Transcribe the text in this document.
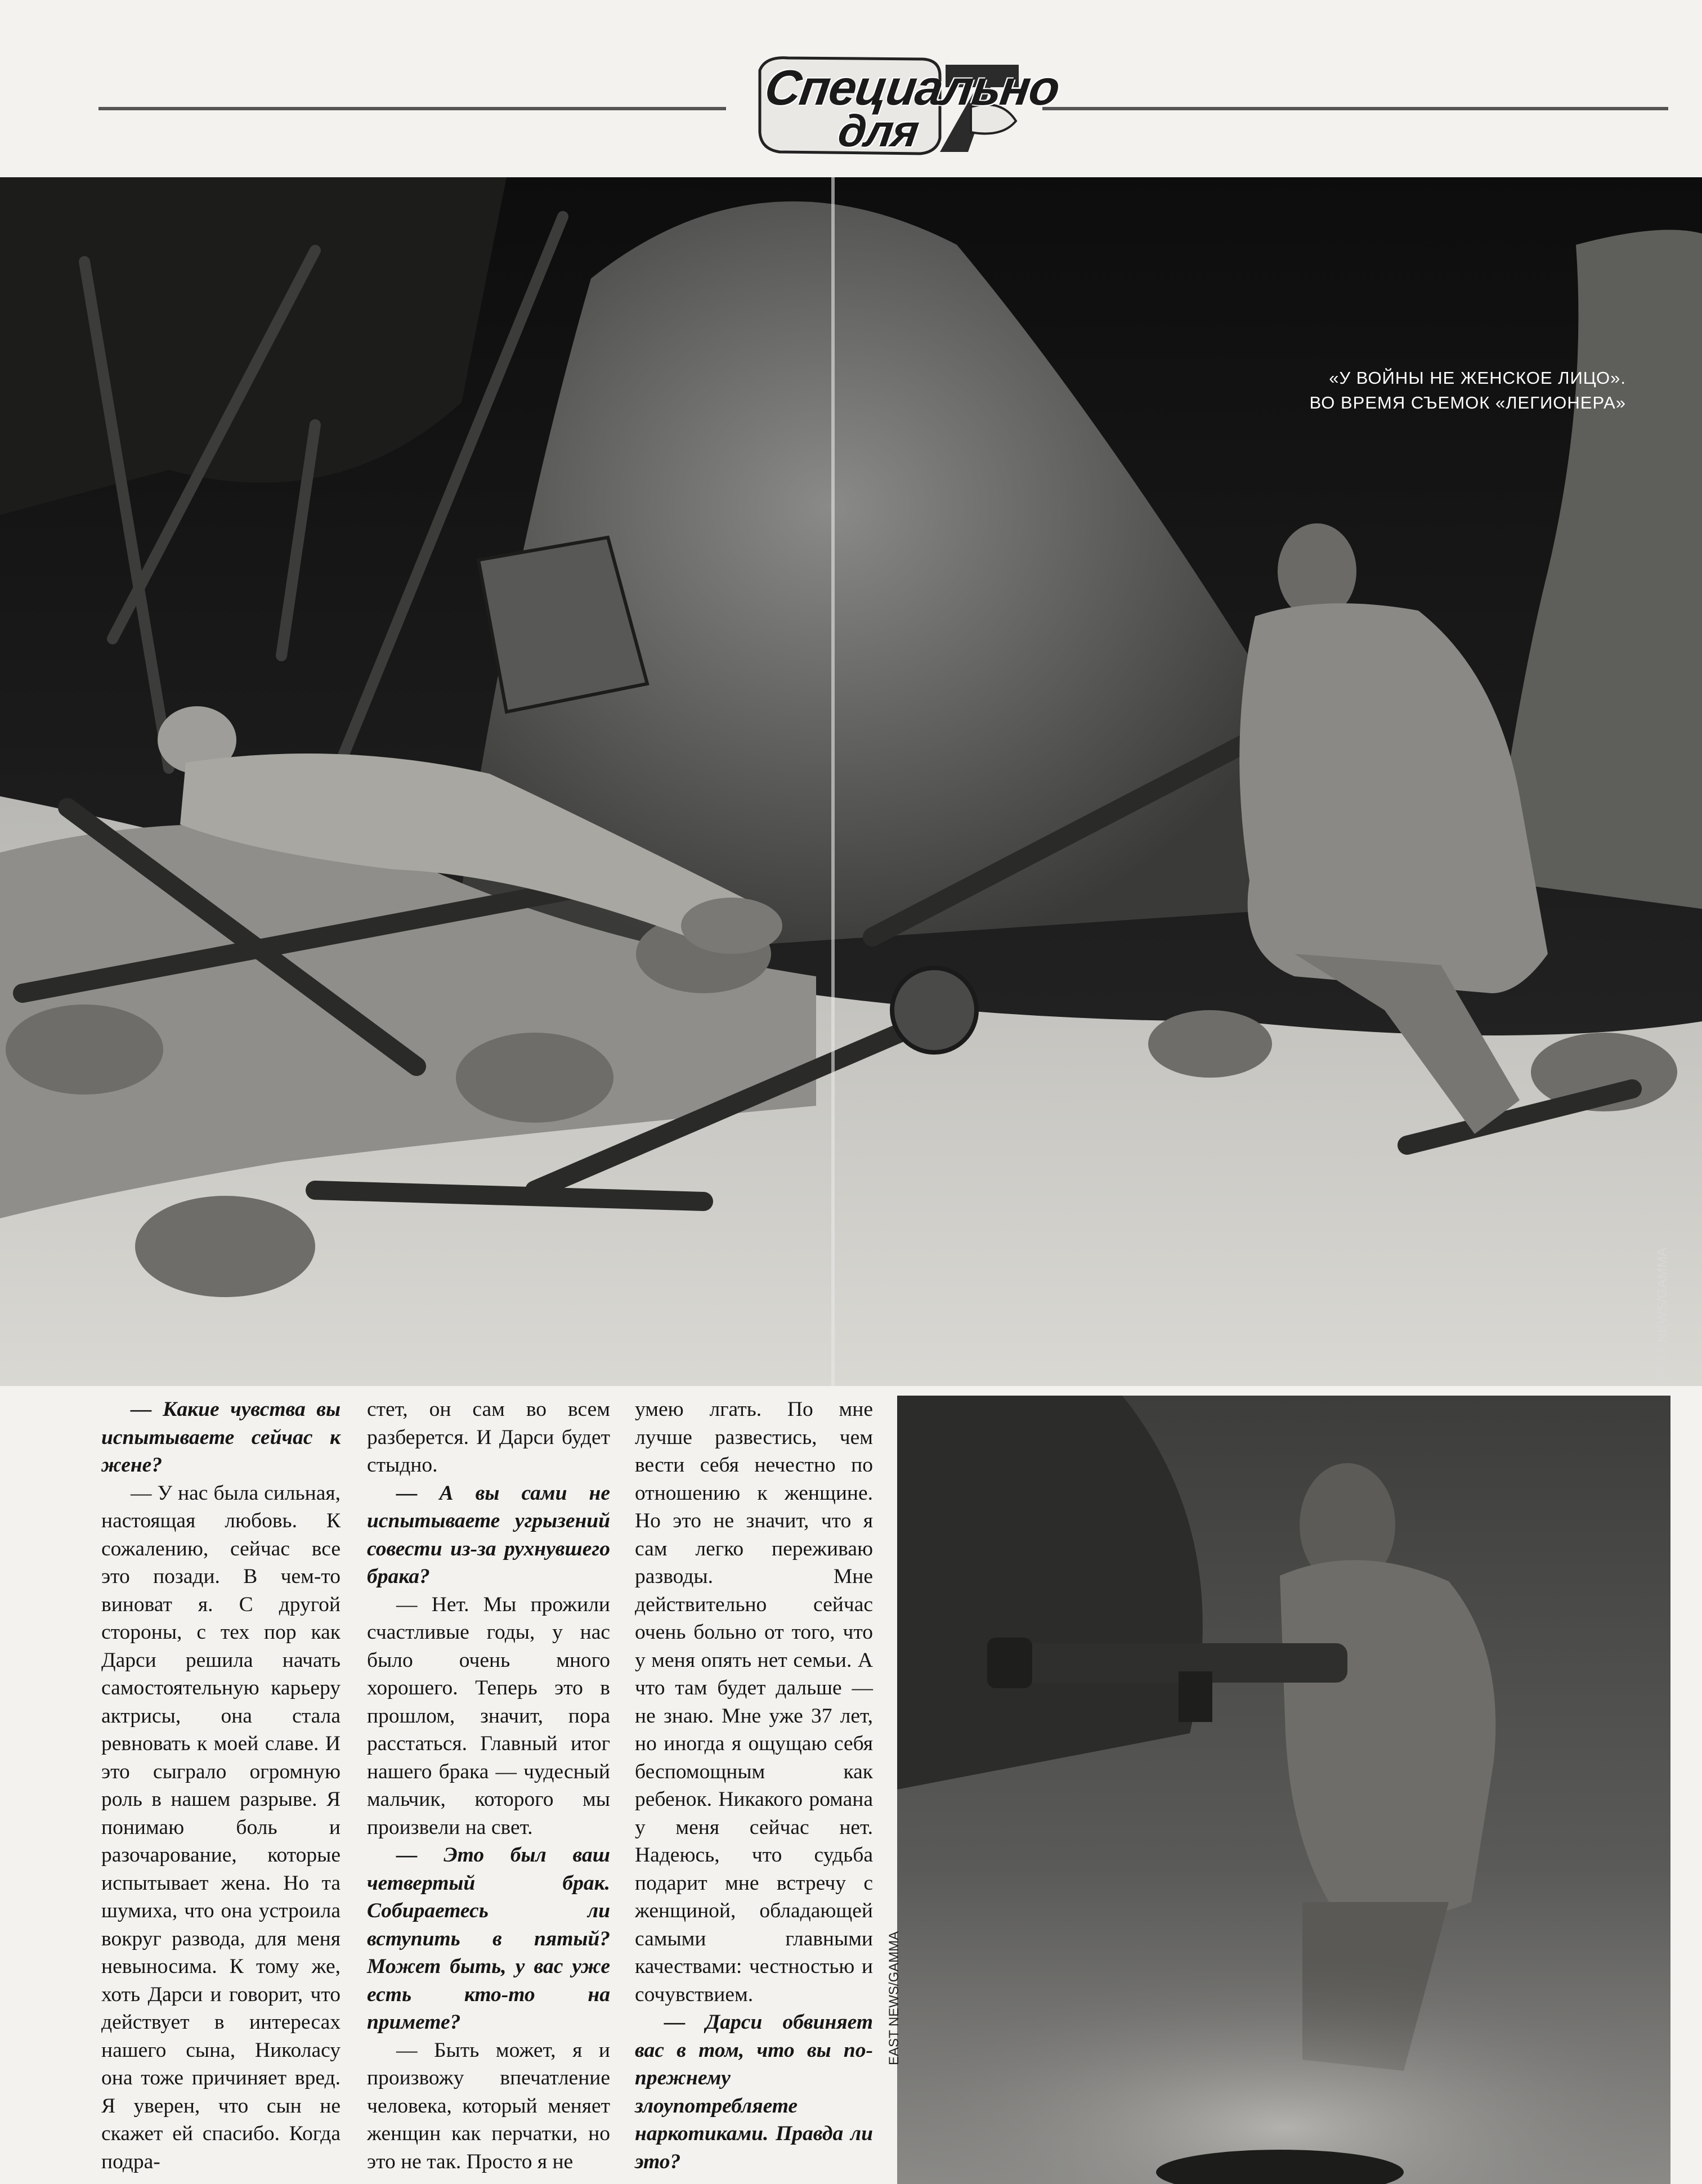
Специально
для
«У ВОЙНЫ НЕ ЖЕНСКОЕ ЛИЦО».
ВО ВРЕМЯ СЪЕМОК «ЛЕГИОНЕРА»
EAST NEWS/GAMMA
EAST NEWS/GAMMA

— Какие чувства вы испытываете сейчас к жене?

— У нас была сильная, настоящая любовь. К сожалению, сейчас все это позади. В чем-то виноват я. С другой стороны, с тех пор как Дарси решила начать самостоятельную карьеру актрисы, она стала ревновать к моей славе. И это сыграло огромную роль в нашем разрыве. Я понимаю боль и разочарование, которые испытывает жена. Но та шумиха, что она устроила вокруг развода, для меня невыносима. К тому же, хоть Дарси и говорит, что действует в интересах нашего сына, Николасу она тоже причиняет вред. Я уверен, что сын не скажет ей спасибо. Когда подра-

стет, он сам во всем разберется. И Дарси будет стыдно.

— А вы сами не испытываете угрызений совести из-за рухнувшего брака?

— Нет. Мы прожили счастливые годы, у нас было очень много хорошего. Теперь это в прошлом, значит, пора расстаться. Главный итог нашего брака — чудесный мальчик, которого мы произвели на свет.

— Это был ваш четвертый брак. Собираетесь ли вступить в пятый? Может быть, у вас уже есть кто-то на примете?

— Быть может, я и произвожу впечатление человека, который меняет женщин как перчатки, но это не так. Просто я не

умею лгать. По мне лучше развестись, чем вести себя нечестно по отношению к женщине. Но это не значит, что я сам легко переживаю разводы. Мне действительно сейчас очень больно от того, что у меня опять нет семьи. А что там будет дальше — не знаю. Мне уже 37 лет, но иногда я ощущаю себя беспомощным как ребенок. Никакого романа у меня сейчас нет. Надеюсь, что судьба подарит мне встречу с женщиной, обладающей самыми главными качествами: честностью и сочувствием.

— Дарси обвиняет вас в том, что вы по-прежнему злоупотребляете наркотиками. Правда ли это?
